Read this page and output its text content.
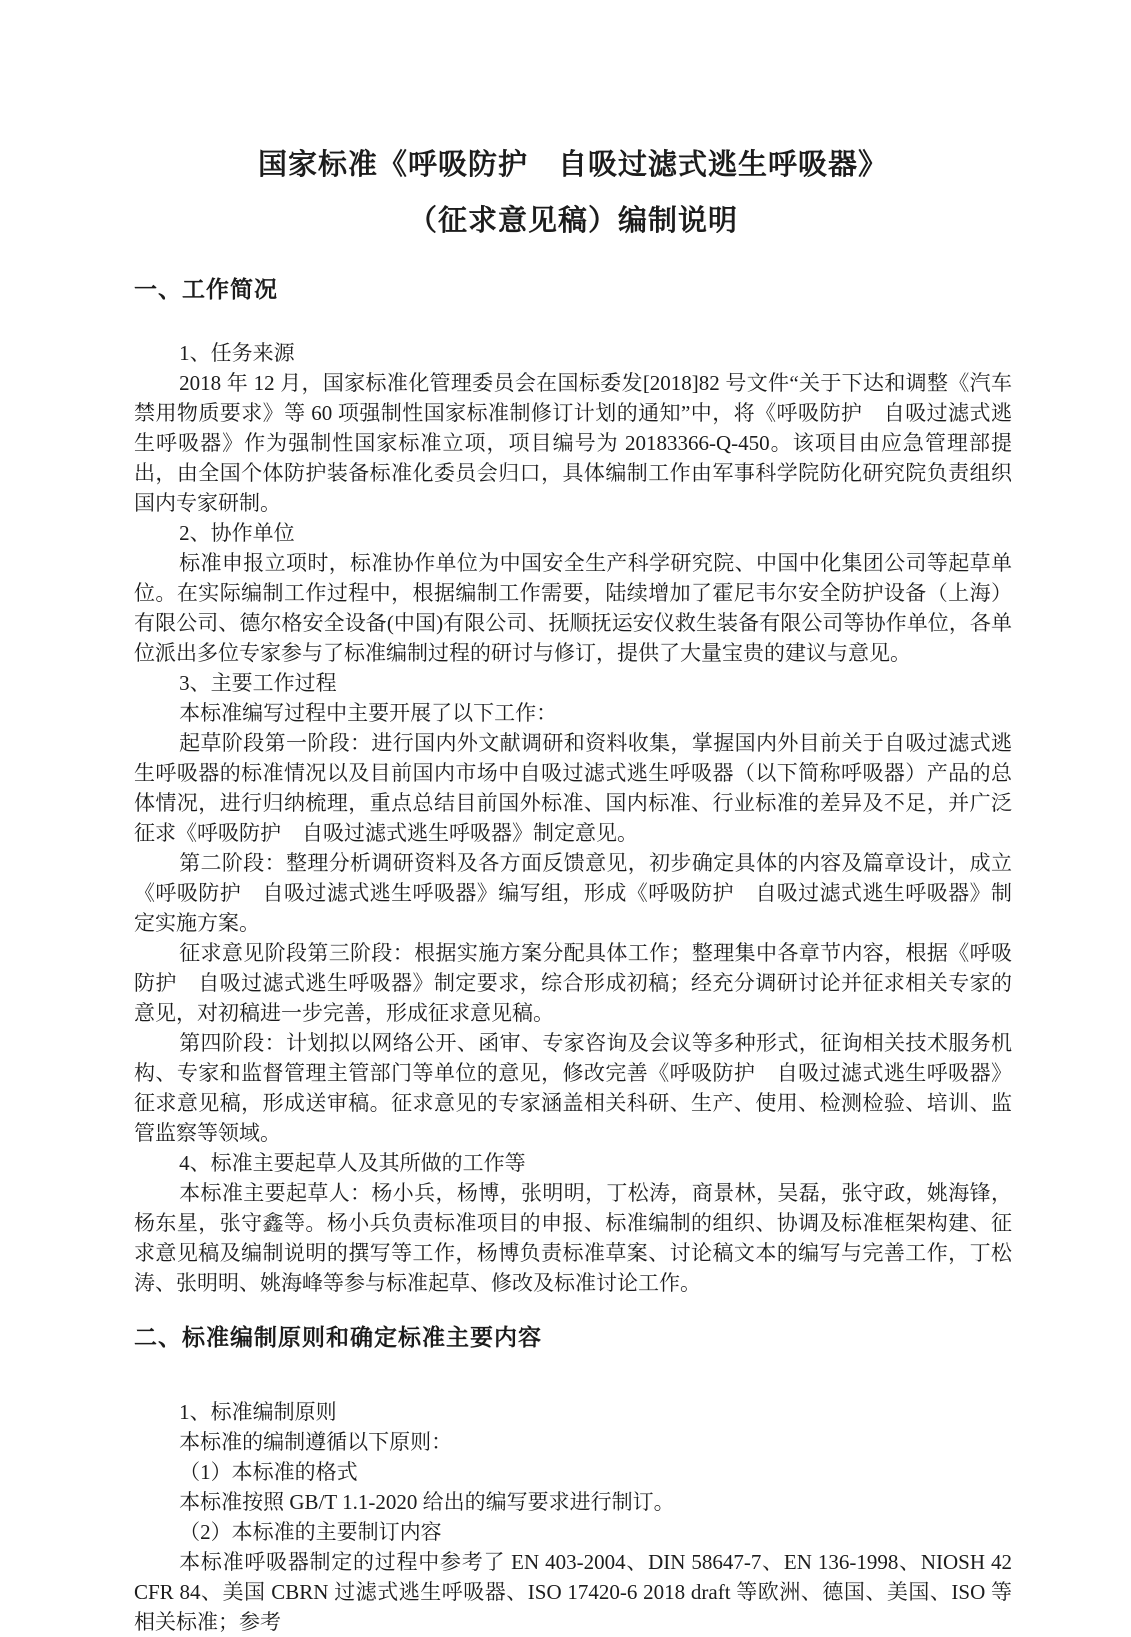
国家标准《呼吸防护　自吸过滤式逃生呼吸器》
（征求意见稿）编制说明
一、工作简况

1、任务来源

2018 年 12 月，国家标准化管理委员会在国标委发[2018]82 号文件“关于下达和调整《汽车禁用物质要求》等 60 项强制性国家标准制修订计划的通知”中，将《呼吸防护　自吸过滤式逃生呼吸器》作为强制性国家标准立项，项目编号为 20183366-Q-450。该项目由应急管理部提出，由全国个体防护装备标准化委员会归口，具体编制工作由军事科学院防化研究院负责组织国内专家研制。

2、协作单位

标准申报立项时，标准协作单位为中国安全生产科学研究院、中国中化集团公司等起草单位。在实际编制工作过程中，根据编制工作需要，陆续增加了霍尼韦尔安全防护设备（上海）有限公司、德尔格安全设备(中国)有限公司、抚顺抚运安仪救生装备有限公司等协作单位，各单位派出多位专家参与了标准编制过程的研讨与修订，提供了大量宝贵的建议与意见。

3、主要工作过程

本标准编写过程中主要开展了以下工作：

起草阶段第一阶段：进行国内外文献调研和资料收集，掌握国内外目前关于自吸过滤式逃生呼吸器的标准情况以及目前国内市场中自吸过滤式逃生呼吸器（以下简称呼吸器）产品的总体情况，进行归纳梳理，重点总结目前国外标准、国内标准、行业标准的差异及不足，并广泛征求《呼吸防护　自吸过滤式逃生呼吸器》制定意见。

第二阶段：整理分析调研资料及各方面反馈意见，初步确定具体的内容及篇章设计，成立《呼吸防护　自吸过滤式逃生呼吸器》编写组，形成《呼吸防护　自吸过滤式逃生呼吸器》制定实施方案。

征求意见阶段第三阶段：根据实施方案分配具体工作；整理集中各章节内容，根据《呼吸防护　自吸过滤式逃生呼吸器》制定要求，综合形成初稿；经充分调研讨论并征求相关专家的意见，对初稿进一步完善，形成征求意见稿。

第四阶段：计划拟以网络公开、函审、专家咨询及会议等多种形式，征询相关技术服务机构、专家和监督管理主管部门等单位的意见，修改完善《呼吸防护　自吸过滤式逃生呼吸器》征求意见稿，形成送审稿。征求意见的专家涵盖相关科研、生产、使用、检测检验、培训、监管监察等领域。

4、标准主要起草人及其所做的工作等

本标准主要起草人：杨小兵，杨博，张明明，丁松涛，商景林，吴磊，张守政，姚海锋，杨东星，张守鑫等。杨小兵负责标准项目的申报、标准编制的组织、协调及标准框架构建、征求意见稿及编制说明的撰写等工作，杨博负责标准草案、讨论稿文本的编写与完善工作，丁松涛、张明明、姚海峰等参与标准起草、修改及标准讨论工作。

二、标准编制原则和确定标准主要内容

1、标准编制原则

本标准的编制遵循以下原则：

（1）本标准的格式

本标准按照 GB/T 1.1-2020 给出的编写要求进行制订。

（2）本标准的主要制订内容

本标准呼吸器制定的过程中参考了 EN 403-2004、DIN 58647-7、EN 136-1998、NIOSH 42 CFR 84、美国 CBRN 过滤式逃生呼吸器、ISO 17420-6 2018 draft 等欧洲、德国、美国、ISO 等相关标准；参考
